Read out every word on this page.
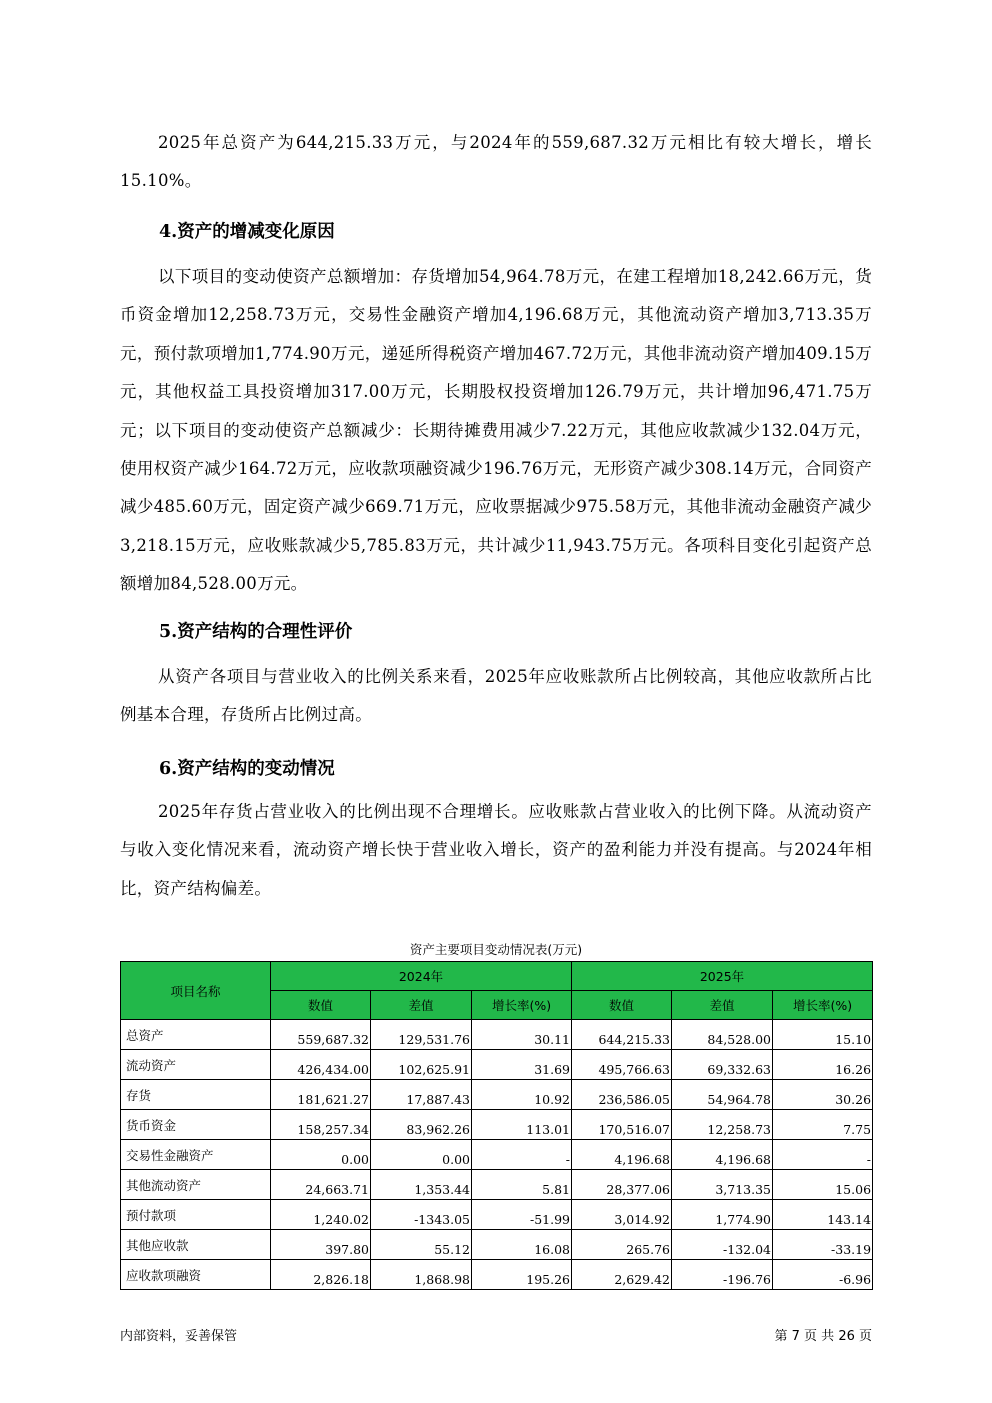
2025年总资产为644,215.33万元，与2024年的559,687.32万元相比有较大增长，增长15.10%。

4.资产的增减变化原因

以下项目的变动使资产总额增加：存货增加54,964.78万元，在建工程增加18,242.66万元，货币资金增加12,258.73万元，交易性金融资产增加4,196.68万元，其他流动资产增加3,713.35万元，预付款项增加1,774.90万元，递延所得税资产增加467.72万元，其他非流动资产增加409.15万元，其他权益工具投资增加317.00万元，长期股权投资增加126.79万元，共计增加96,471.75万元；以下项目的变动使资产总额减少：长期待摊费用减少7.22万元，其他应收款减少132.04万元，使用权资产减少164.72万元，应收款项融资减少196.76万元，无形资产减少308.14万元，合同资产减少485.60万元，固定资产减少669.71万元，应收票据减少975.58万元，其他非流动金融资产减少3,218.15万元，应收账款减少5,785.83万元，共计减少11,943.75万元。各项科目变化引起资产总额增加84,528.00万元。

5.资产结构的合理性评价

从资产各项目与营业收入的比例关系来看，2025年应收账款所占比例较高，其他应收款所占比例基本合理，存货所占比例过高。

6.资产结构的变动情况

2025年存货占营业收入的比例出现不合理增长。应收账款占营业收入的比例下降。从流动资产与收入变化情况来看，流动资产增长快于营业收入增长，资产的盈利能力并没有提高。与2024年相比，资产结构偏差。

资产主要项目变动情况表(万元)
项目名称	2024年			2025年		
	数值	差值	增长率(%)	数值	差值	增长率(%)
总资产	559,687.32	129,531.76	30.11	644,215.33	84,528.00	15.10
流动资产	426,434.00	102,625.91	31.69	495,766.63	69,332.63	16.26
存货	181,621.27	17,887.43	10.92	236,586.05	54,964.78	30.26
货币资金	158,257.34	83,962.26	113.01	170,516.07	12,258.73	7.75
交易性金融资产	0.00	0.00	-	4,196.68	4,196.68	-
其他流动资产	24,663.71	1,353.44	5.81	28,377.06	3,713.35	15.06
预付款项	1,240.02	-1343.05	-51.99	3,014.92	1,774.90	143.14
其他应收款	397.80	55.12	16.08	265.76	-132.04	-33.19
应收款项融资	2,826.18	1,868.98	195.26	2,629.42	-196.76	-6.96
内部资料，妥善保管	第 7 页 共 26 页
